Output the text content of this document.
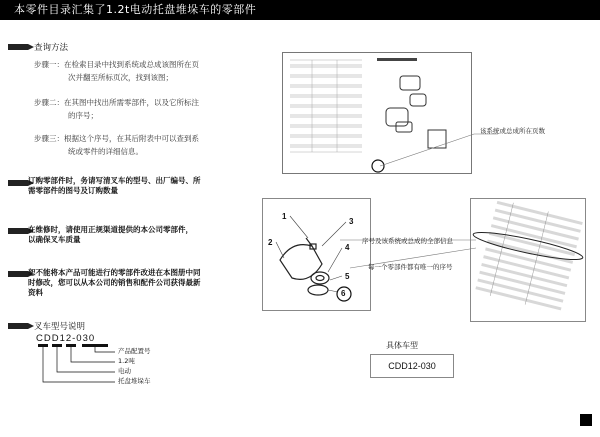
本零件目录汇集了1.2t电动托盘堆垛车的零部件
查询方法
步骤一：在检索目录中找到系统或总成该图所在页
次并翻至所标页次，找到该图；
步骤二：在其图中找出所需零部件，以及它所标注
的序号；
步骤三：根据这个序号，在其后附表中可以查到系
统或零件的详细信息。
订购零部件时，务请写清叉车的型号、出厂编号、所
需零部件的图号及订购数量
在维修时，请使用正规渠道提供的本公司零部件，
以确保叉车质量
恕不能将本产品可能进行的零部件改进在本图册中同
时修改，您可以从本公司的销售和配件公司获得最新
资料
叉车型号说明
CDD12-030
产品配置号
1.2吨
电动
托盘堆垛车
该系统或总成所在页数
1
2
3
4
5
6
序号及该系统或总成的全部信息
每一个零部件都有唯一的序号
具体车型
CDD12-030
